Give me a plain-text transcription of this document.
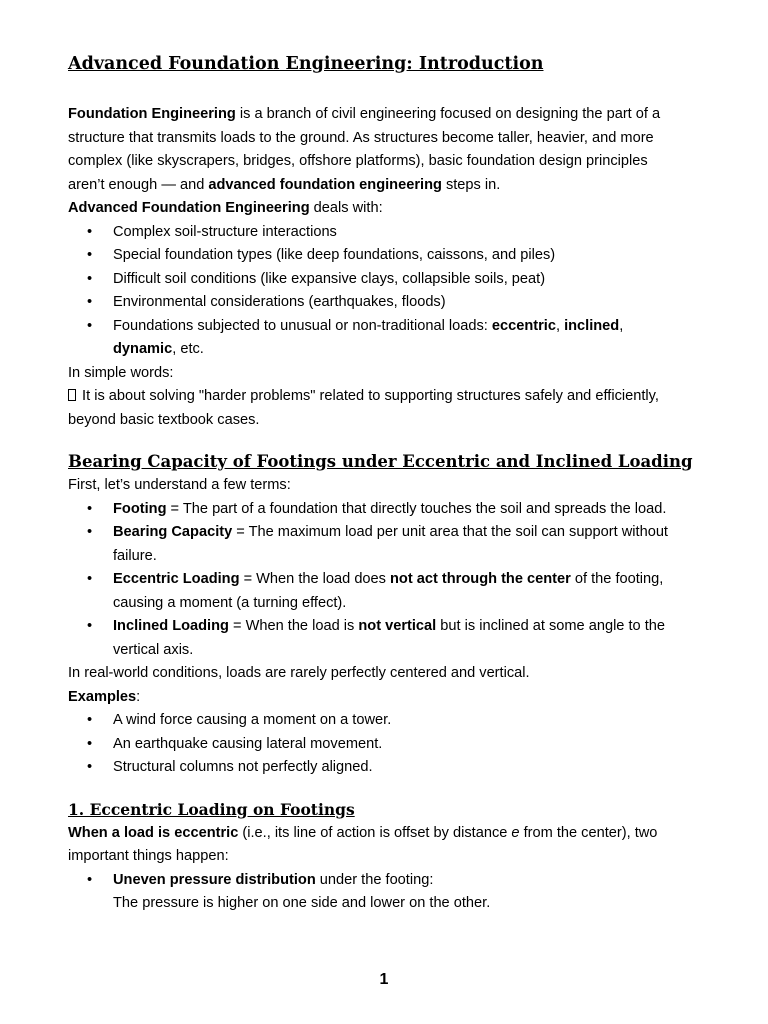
Advanced Foundation Engineering: Introduction
Foundation Engineering is a branch of civil engineering focused on designing the part of a
structure that transmits loads to the ground. As structures become taller, heavier, and more
complex (like skyscrapers, bridges, offshore platforms), basic foundation design principles
aren’t enough — and advanced foundation engineering steps in.
Advanced Foundation Engineering deals with:
• Complex soil-structure interactions
• Special foundation types (like deep foundations, caissons, and piles)
• Difficult soil conditions (like expansive clays, collapsible soils, peat)
• Environmental considerations (earthquakes, floods)
• Foundations subjected to unusual or non-traditional loads: eccentric, inclined,
dynamic, etc.
In simple words:
It is about solving "harder problems" related to supporting structures safely and efficiently,
beyond basic textbook cases.
Bearing Capacity of Footings under Eccentric and Inclined Loading
First, let’s understand a few terms:
• Footing = The part of a foundation that directly touches the soil and spreads the load.
• Bearing Capacity = The maximum load per unit area that the soil can support without
failure.
• Eccentric Loading = When the load does not act through the center of the footing,
causing a moment (a turning effect).
• Inclined Loading = When the load is not vertical but is inclined at some angle to the
vertical axis.
In real-world conditions, loads are rarely perfectly centered and vertical.
Examples:
• A wind force causing a moment on a tower.
• An earthquake causing lateral movement.
• Structural columns not perfectly aligned.
1. Eccentric Loading on Footings
When a load is eccentric (i.e., its line of action is offset by distance e from the center), two
important things happen:
• Uneven pressure distribution under the footing:
The pressure is higher on one side and lower on the other.
1
